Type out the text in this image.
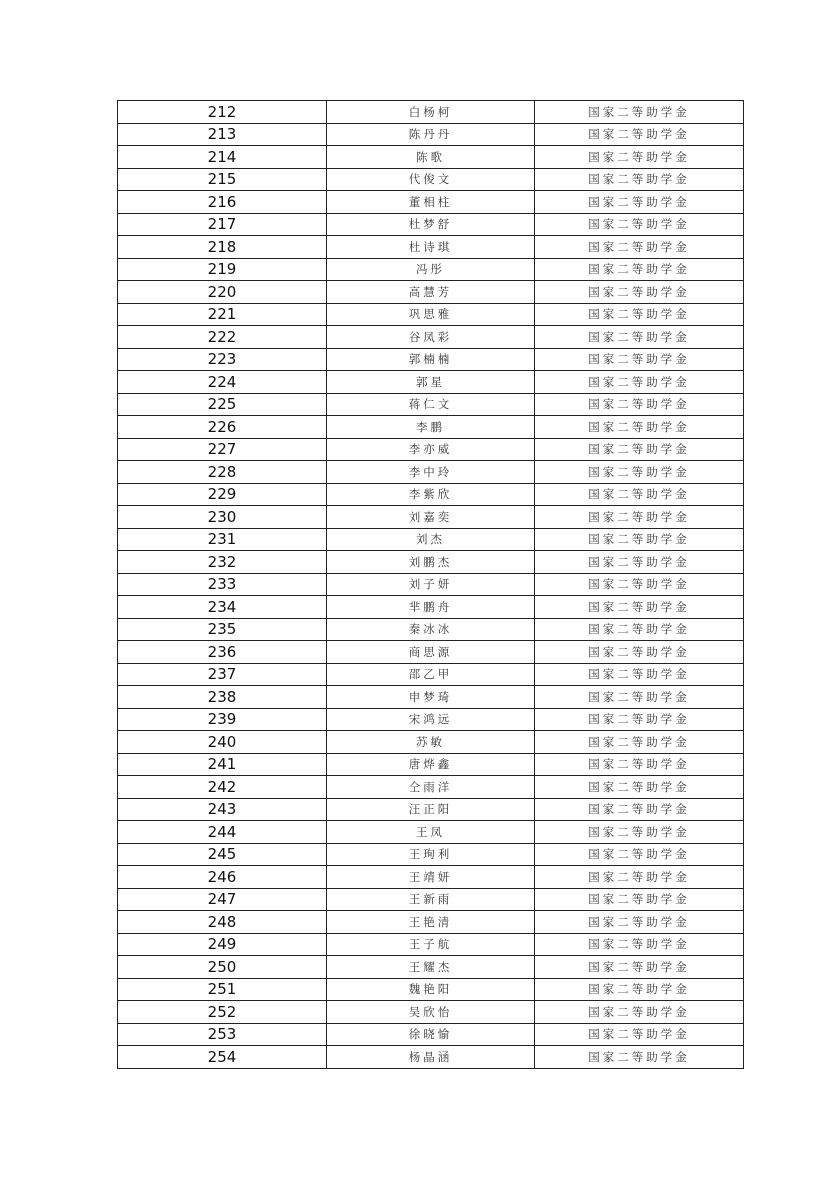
212	白杨柯	国家二等助学金
213	陈丹丹	国家二等助学金
214	陈歌	国家二等助学金
215	代俊文	国家二等助学金
216	董相柱	国家二等助学金
217	杜梦舒	国家二等助学金
218	杜诗琪	国家二等助学金
219	冯彤	国家二等助学金
220	高慧芳	国家二等助学金
221	巩思雅	国家二等助学金
222	谷凤彩	国家二等助学金
223	郭楠楠	国家二等助学金
224	郭星	国家二等助学金
225	蒋仁文	国家二等助学金
226	李鹏	国家二等助学金
227	李亦威	国家二等助学金
228	李中玲	国家二等助学金
229	李紫欣	国家二等助学金
230	刘嘉奕	国家二等助学金
231	刘杰	国家二等助学金
232	刘鹏杰	国家二等助学金
233	刘子妍	国家二等助学金
234	芈鹏舟	国家二等助学金
235	秦冰冰	国家二等助学金
236	商思源	国家二等助学金
237	邵乙甲	国家二等助学金
238	申梦琦	国家二等助学金
239	宋鸿远	国家二等助学金
240	苏敏	国家二等助学金
241	唐烨鑫	国家二等助学金
242	仝雨洋	国家二等助学金
243	汪正阳	国家二等助学金
244	王凤	国家二等助学金
245	王珣利	国家二等助学金
246	王靖妍	国家二等助学金
247	王新雨	国家二等助学金
248	王艳清	国家二等助学金
249	王子航	国家二等助学金
250	王耀杰	国家二等助学金
251	魏艳阳	国家二等助学金
252	吴欣怡	国家二等助学金
253	徐晓愉	国家二等助学金
254	杨晶涵	国家二等助学金
